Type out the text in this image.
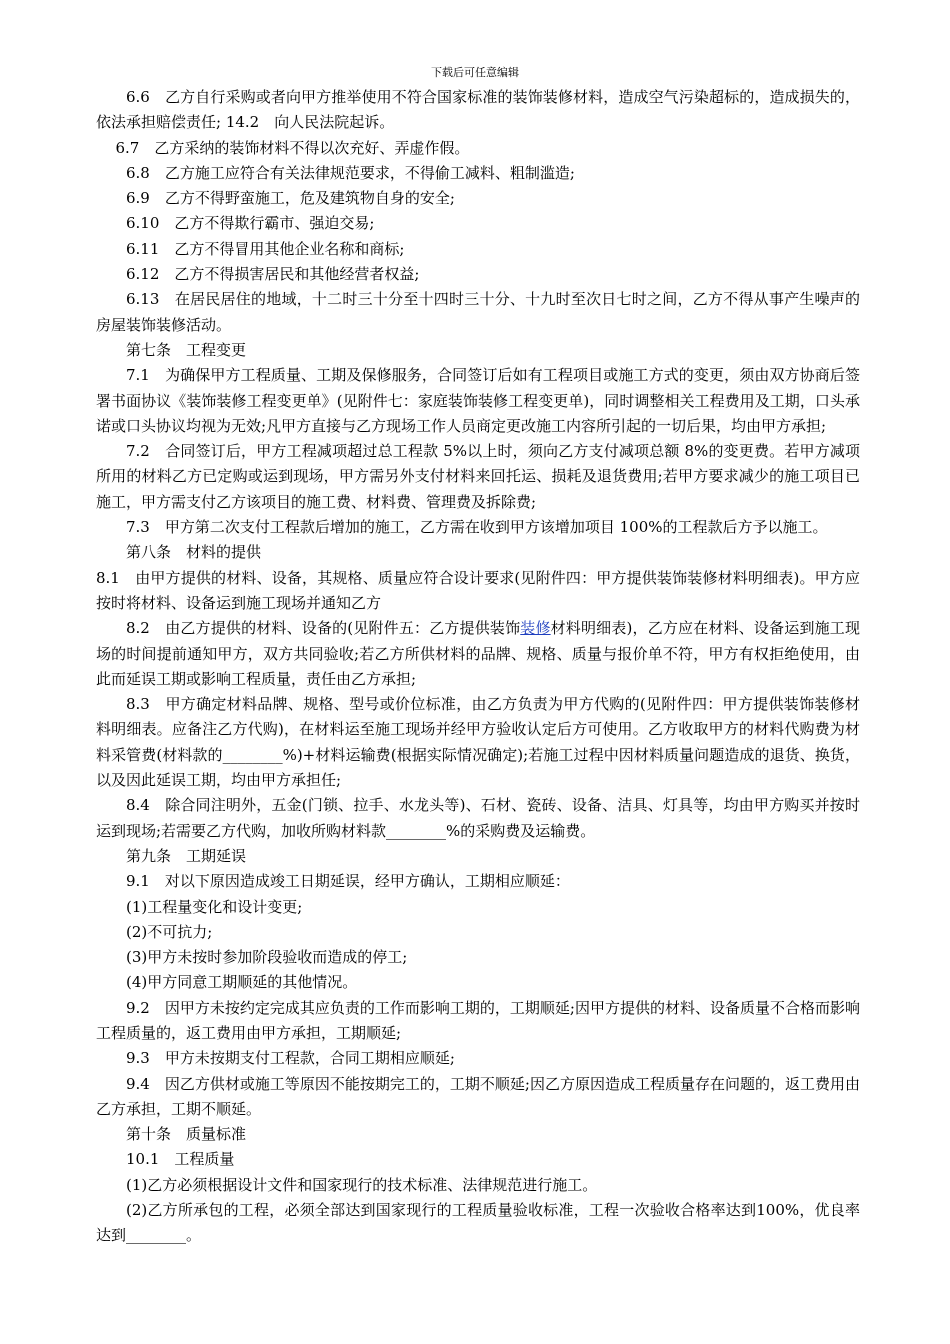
下载后可任意编辑

6.6　乙方自行采购或者向甲方推举使用不符合国家标准的装饰装修材料，造成空气污染超标的，造成损失的，依法承担赔偿责任; 14.2　向人民法院起诉。

6.7　乙方采纳的装饰材料不得以次充好、弄虚作假。

6.8　乙方施工应符合有关法律规范要求，不得偷工减料、粗制滥造;

6.9　乙方不得野蛮施工，危及建筑物自身的安全;

6.10　乙方不得欺行霸市、强迫交易;

6.11　乙方不得冒用其他企业名称和商标;

6.12　乙方不得损害居民和其他经营者权益;

6.13　在居民居住的地域，十二时三十分至十四时三十分、十九时至次日七时之间，乙方不得从事产生噪声的房屋装饰装修活动。

第七条　工程变更

7.1　为确保甲方工程质量、工期及保修服务，合同签订后如有工程项目或施工方式的变更，须由双方协商后签署书面协议《装饰装修工程变更单》(见附件七：家庭装饰装修工程变更单)，同时调整相关工程费用及工期，口头承诺或口头协议均视为无效;凡甲方直接与乙方现场工作人员商定更改施工内容所引起的一切后果，均由甲方承担;

7.2　合同签订后，甲方工程减项超过总工程款 5%以上时，须向乙方支付减项总额 8%的变更费。若甲方减项所用的材料乙方已定购或运到现场，甲方需另外支付材料来回托运、损耗及退货费用;若甲方要求减少的施工项目已施工，甲方需支付乙方该项目的施工费、材料费、管理费及拆除费;

7.3　甲方第二次支付工程款后增加的施工，乙方需在收到甲方该增加项目 100%的工程款后方予以施工。

第八条　材料的提供

8.1　由甲方提供的材料、设备，其规格、质量应符合设计要求(见附件四：甲方提供装饰装修材料明细表)。甲方应按时将材料、设备运到施工现场并通知乙方

8.2　由乙方提供的材料、设备的(见附件五：乙方提供装饰装修材料明细表)，乙方应在材料、设备运到施工现场的时间提前通知甲方，双方共同验收;若乙方所供材料的品牌、规格、质量与报价单不符，甲方有权拒绝使用，由此而延误工期或影响工程质量，责任由乙方承担;

8.3　甲方确定材料品牌、规格、型号或价位标准，由乙方负责为甲方代购的(见附件四：甲方提供装饰装修材料明细表。应备注乙方代购)，在材料运至施工现场并经甲方验收认定后方可使用。乙方收取甲方的材料代购费为材料采管费(材料款的________%)+材料运输费(根据实际情况确定);若施工过程中因材料质量问题造成的退货、换货，以及因此延误工期，均由甲方承担任;

8.4　除合同注明外，五金(门锁、拉手、水龙头等)、石材、瓷砖、设备、洁具、灯具等，均由甲方购买并按时运到现场;若需要乙方代购，加收所购材料款________%的采购费及运输费。

第九条　工期延误

9.1　对以下原因造成竣工日期延误，经甲方确认，工期相应顺延：

(1)工程量变化和设计变更;

(2)不可抗力;

(3)甲方未按时参加阶段验收而造成的停工;

(4)甲方同意工期顺延的其他情况。

9.2　因甲方未按约定完成其应负责的工作而影响工期的，工期顺延;因甲方提供的材料、设备质量不合格而影响工程质量的，返工费用由甲方承担，工期顺延;

9.3　甲方未按期支付工程款，合同工期相应顺延;

9.4　因乙方供材或施工等原因不能按期完工的，工期不顺延;因乙方原因造成工程质量存在问题的，返工费用由乙方承担，工期不顺延。

第十条　质量标准

10.1　工程质量

(1)乙方必须根据设计文件和国家现行的技术标准、法律规范进行施工。

(2)乙方所承包的工程，必须全部达到国家现行的工程质量验收标准，工程一次验收合格率达到100%，优良率达到________。
